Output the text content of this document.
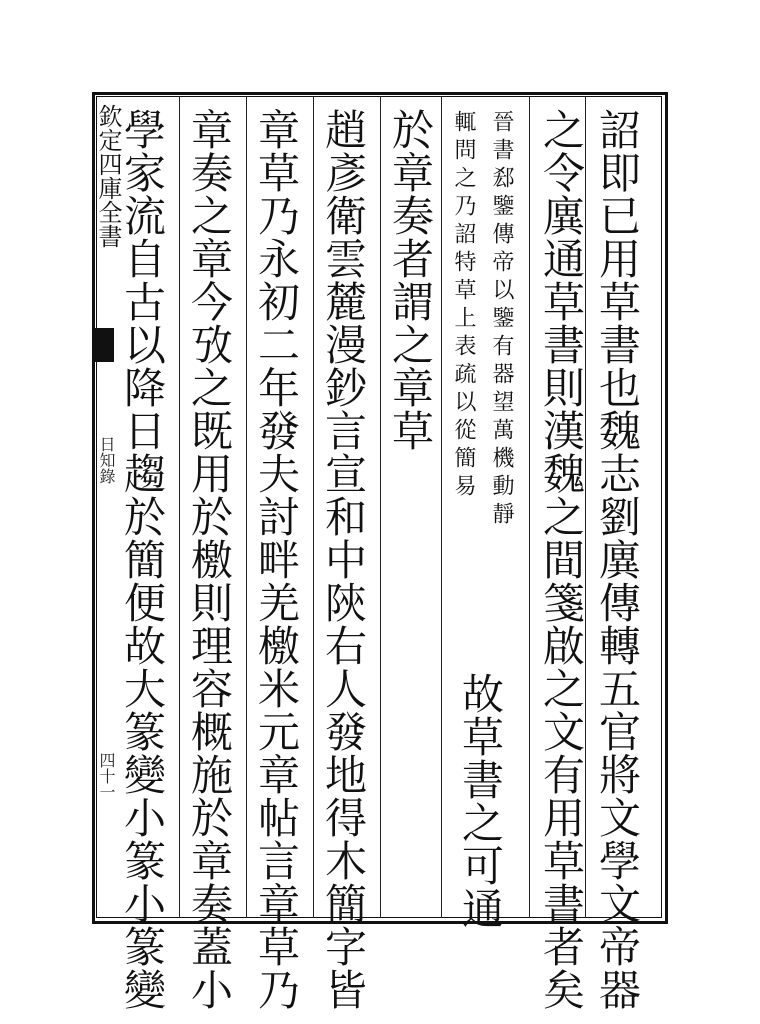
欽定四庫全書
日知錄
四十一	詔即已用草書也魏志劉廙傳轉五官將文學文帝器
之令廙通草書則漢魏之間箋啟之文有用草書者矣
晉書郄鑒傳帝以鑒有器望萬機動靜
輒問之乃詔特草上表疏以從簡易
故草書之可通
於章奏者謂之章草
趙彥衛雲麓漫鈔言宣和中陝右人發地得木簡字皆
章草乃永初二年發夫討畔羌檄米元章帖言章草乃
章奏之章今攷之既用於檄則理容概施於章奏蓋小
學家流自古以降日趨於簡便故大篆變小篆小篆變
